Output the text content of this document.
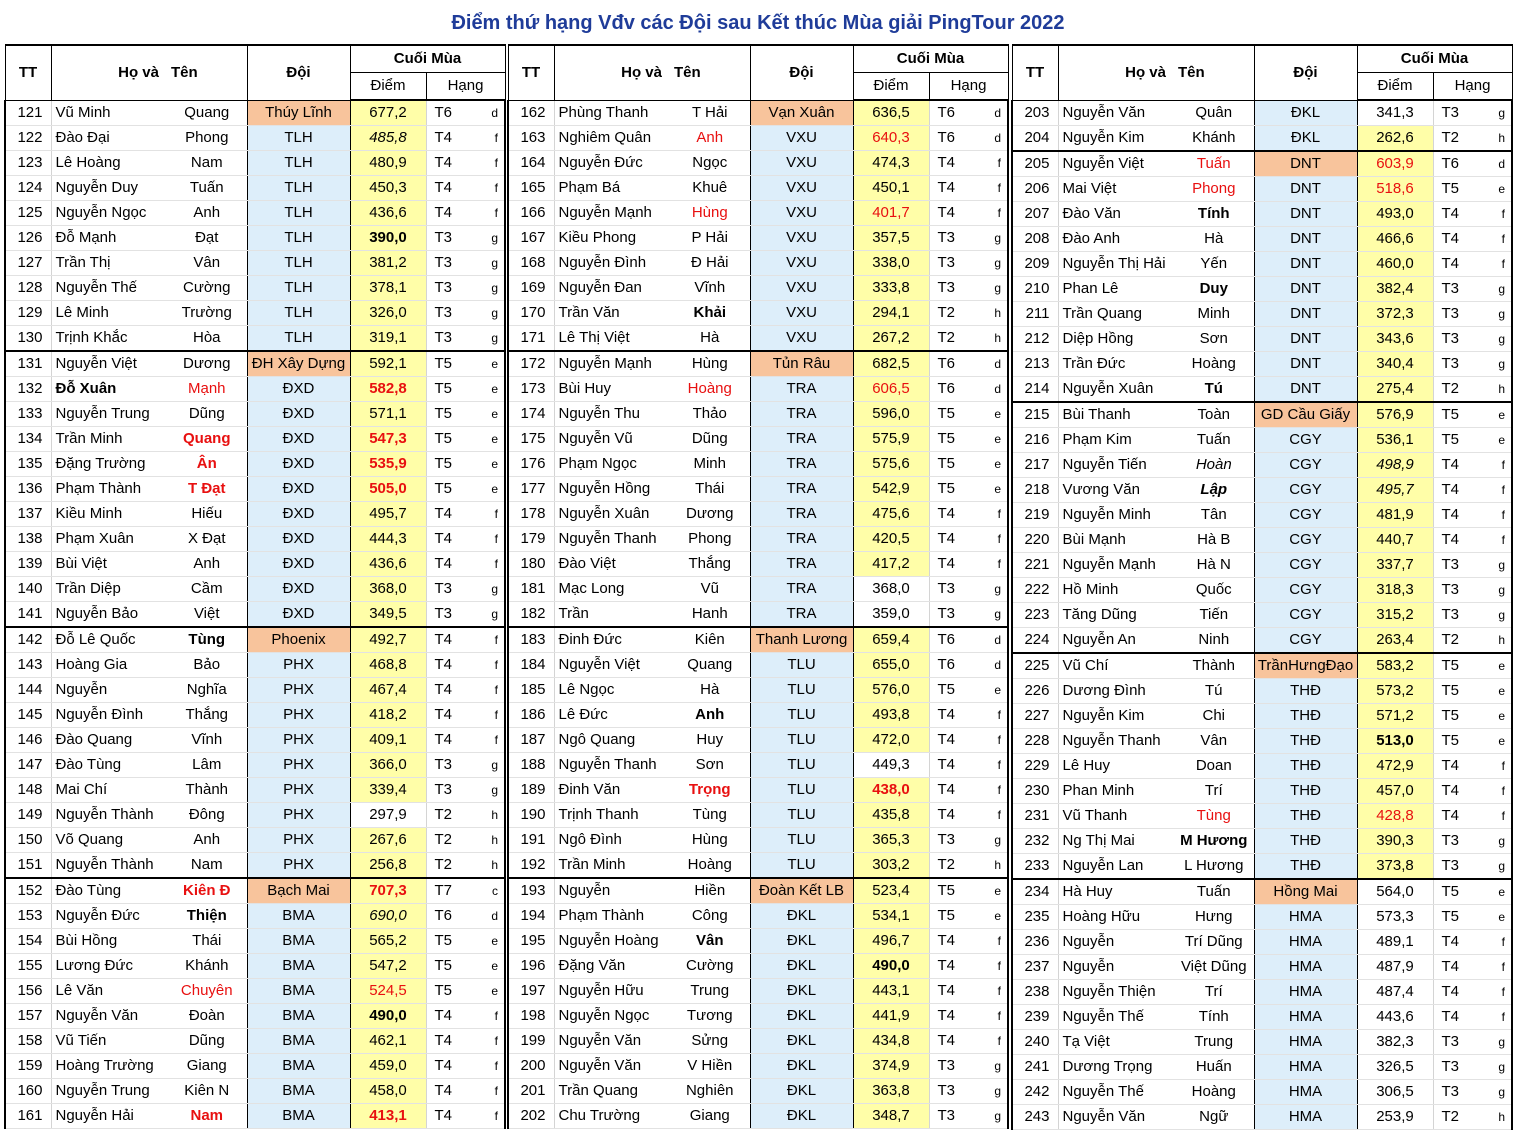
Điểm thứ hạng Vđv các Đội sau Kết thúc Mùa giải PingTour 2022
TT	Họ và	Tên	Đội	Cuối Mùa		
				Điểm	Hạng	
121	Vũ Minh	Quang	Thúy Lĩnh	677,2	T6	d
122	Đào Đại	Phong	TLH	485,8	T4	f
123	Lê Hoàng	Nam	TLH	480,9	T4	f
124	Nguyễn Duy	Tuấn	TLH	450,3	T4	f
125	Nguyễn Ngọc	Anh	TLH	436,6	T4	f
126	Đỗ Mạnh	Đạt	TLH	390,0	T3	g
127	Trần Thị	Vân	TLH	381,2	T3	g
128	Nguyễn Thế	Cường	TLH	378,1	T3	g
129	Lê Minh	Trường	TLH	326,0	T3	g
130	Trịnh Khắc	Hòa	TLH	319,1	T3	g
131	Nguyễn Việt	Dương	ĐH Xây Dựng	592,1	T5	e
132	Đỗ Xuân	Mạnh	ĐXD	582,8	T5	e
133	Nguyễn Trung	Dũng	ĐXD	571,1	T5	e
134	Trần Minh	Quang	ĐXD	547,3	T5	e
135	Đặng Trường	Ân	ĐXD	535,9	T5	e
136	Phạm Thành	T Đạt	ĐXD	505,0	T5	e
137	Kiều Minh	Hiếu	ĐXD	495,7	T4	f
138	Phạm Xuân	X Đạt	ĐXD	444,3	T4	f
139	Bùi Việt	Anh	ĐXD	436,6	T4	f
140	Trần Diệp	Cầm	ĐXD	368,0	T3	g
141	Nguyễn Bảo	Việt	ĐXD	349,5	T3	g
142	Đỗ Lê Quốc	Tùng	Phoenix	492,7	T4	f
143	Hoàng Gia	Bảo	PHX	468,8	T4	f
144	Nguyễn	Nghĩa	PHX	467,4	T4	f
145	Nguyễn Đình	Thắng	PHX	418,2	T4	f
146	Đào Quang	Vĩnh	PHX	409,1	T4	f
147	Đào Tùng	Lâm	PHX	366,0	T3	g
148	Mai Chí	Thành	PHX	339,4	T3	g
149	Nguyễn Thành	Đông	PHX	297,9	T2	h
150	Võ Quang	Anh	PHX	267,6	T2	h
151	Nguyễn Thành	Nam	PHX	256,8	T2	h
152	Đào Tùng	Kiên Đ	Bạch Mai	707,3	T7	c
153	Nguyễn Đức	Thiện	BMA	690,0	T6	d
154	Bùi Hồng	Thái	BMA	565,2	T5	e
155	Lương Đức	Khánh	BMA	547,2	T5	e
156	Lê Văn	Chuyên	BMA	524,5	T5	e
157	Nguyễn Văn	Đoàn	BMA	490,0	T4	f
158	Vũ Tiến	Dũng	BMA	462,1	T4	f
159	Hoàng Trường	Giang	BMA	459,0	T4	f
160	Nguyễn Trung	Kiên N	BMA	458,0	T4	f
161	Nguyễn Hải	Nam	BMA	413,1	T4	f
TT	Họ và	Tên	Đội	Cuối Mùa		
				Điểm	Hạng	
162	Phùng Thanh	T Hải	Vạn Xuân	636,5	T6	d
163	Nghiêm Quân	Anh	VXU	640,3	T6	d
164	Nguyễn Đức	Ngọc	VXU	474,3	T4	f
165	Phạm Bá	Khuê	VXU	450,1	T4	f
166	Nguyễn Mạnh	Hùng	VXU	401,7	T4	f
167	Kiều Phong	P Hải	VXU	357,5	T3	g
168	Nguyễn Đình	Đ Hải	VXU	338,0	T3	g
169	Nguyễn Đan	Vĩnh	VXU	333,8	T3	g
170	Trần Văn	Khải	VXU	294,1	T2	h
171	Lê Thị Việt	Hà	VXU	267,2	T2	h
172	Nguyễn Mạnh	Hùng	Tủn Râu	682,5	T6	d
173	Bùi Huy	Hoàng	TRA	606,5	T6	d
174	Nguyễn Thu	Thảo	TRA	596,0	T5	e
175	Nguyễn Vũ	Dũng	TRA	575,9	T5	e
176	Phạm Ngọc	Minh	TRA	575,6	T5	e
177	Nguyễn Hồng	Thái	TRA	542,9	T5	e
178	Nguyễn Xuân	Dương	TRA	475,6	T4	f
179	Nguyễn Thanh	Phong	TRA	420,5	T4	f
180	Đào Việt	Thắng	TRA	417,2	T4	f
181	Mạc Long	Vũ	TRA	368,0	T3	g
182	Trần	Hanh	TRA	359,0	T3	g
183	Đinh Đức	Kiên	Thanh Lương	659,4	T6	d
184	Nguyễn Việt	Quang	TLU	655,0	T6	d
185	Lê Ngọc	Hà	TLU	576,0	T5	e
186	Lê Đức	Anh	TLU	493,8	T4	f
187	Ngô Quang	Huy	TLU	472,0	T4	f
188	Nguyễn Thanh	Sơn	TLU	449,3	T4	f
189	Đinh Văn	Trọng	TLU	438,0	T4	f
190	Trịnh Thanh	Tùng	TLU	435,8	T4	f
191	Ngô Đình	Hùng	TLU	365,3	T3	g
192	Trần Minh	Hoàng	TLU	303,2	T2	h
193	Nguyễn	Hiền	Đoàn Kết LB	523,4	T5	e
194	Phạm Thành	Công	ĐKL	534,1	T5	e
195	Nguyễn Hoàng	Vân	ĐKL	496,7	T4	f
196	Đặng Văn	Cường	ĐKL	490,0	T4	f
197	Nguyễn Hữu	Trung	ĐKL	443,1	T4	f
198	Nguyễn Ngọc	Tương	ĐKL	441,9	T4	f
199	Nguyễn Văn	Sửng	ĐKL	434,8	T4	f
200	Nguyễn Văn	V Hiền	ĐKL	374,9	T3	g
201	Trần Quang	Nghiên	ĐKL	363,8	T3	g
202	Chu Trường	Giang	ĐKL	348,7	T3	g
TT	Họ và	Tên	Đội	Cuối Mùa		
				Điểm	Hạng	
203	Nguyễn Văn	Quân	ĐKL	341,3	T3	g
204	Nguyễn Kim	Khánh	ĐKL	262,6	T2	h
205	Nguyễn Việt	Tuấn	DNT	603,9	T6	d
206	Mai Việt	Phong	DNT	518,6	T5	e
207	Đào Văn	Tính	DNT	493,0	T4	f
208	Đào Anh	Hà	DNT	466,6	T4	f
209	Nguyễn Thị Hải	Yến	DNT	460,0	T4	f
210	Phan Lê	Duy	DNT	382,4	T3	g
211	Trần Quang	Minh	DNT	372,3	T3	g
212	Diệp Hồng	Sơn	DNT	343,6	T3	g
213	Trần Đức	Hoàng	DNT	340,4	T3	g
214	Nguyễn Xuân	Tú	DNT	275,4	T2	h
215	Bùi Thanh	Toàn	GD Cầu Giấy	576,9	T5	e
216	Phạm Kim	Tuấn	CGY	536,1	T5	e
217	Nguyễn Tiến	Hoàn	CGY	498,9	T4	f
218	Vương Văn	Lập	CGY	495,7	T4	f
219	Nguyễn Minh	Tân	CGY	481,9	T4	f
220	Bùi Mạnh	Hà B	CGY	440,7	T4	f
221	Nguyễn Mạnh	Hà N	CGY	337,7	T3	g
222	Hồ Minh	Quốc	CGY	318,3	T3	g
223	Tăng Dũng	Tiến	CGY	315,2	T3	g
224	Nguyễn An	Ninh	CGY	263,4	T2	h
225	Vũ Chí	Thành	TrầnHưngĐạo	583,2	T5	e
226	Dương Đình	Tú	THĐ	573,2	T5	e
227	Nguyễn Kim	Chi	THĐ	571,2	T5	e
228	Nguyễn Thanh	Vân	THĐ	513,0	T5	e
229	Lê Huy	Doan	THĐ	472,9	T4	f
230	Phan Minh	Trí	THĐ	457,0	T4	f
231	Vũ Thanh	Tùng	THĐ	428,8	T4	f
232	Ng Thị Mai	M Hương	THĐ	390,3	T3	g
233	Nguyễn Lan	L Hương	THĐ	373,8	T3	g
234	Hà Huy	Tuấn	Hồng Mai	564,0	T5	e
235	Hoàng Hữu	Hưng	HMA	573,3	T5	e
236	Nguyễn	Trí Dũng	HMA	489,1	T4	f
237	Nguyễn	Việt Dũng	HMA	487,9	T4	f
238	Nguyễn Thiện	Trí	HMA	487,4	T4	f
239	Nguyễn Thế	Tính	HMA	443,6	T4	f
240	Tạ Việt	Trung	HMA	382,3	T3	g
241	Dương Trọng	Huấn	HMA	326,5	T3	g
242	Nguyễn Thế	Hoàng	HMA	306,5	T3	g
243	Nguyễn Văn	Ngữ	HMA	253,9	T2	h
